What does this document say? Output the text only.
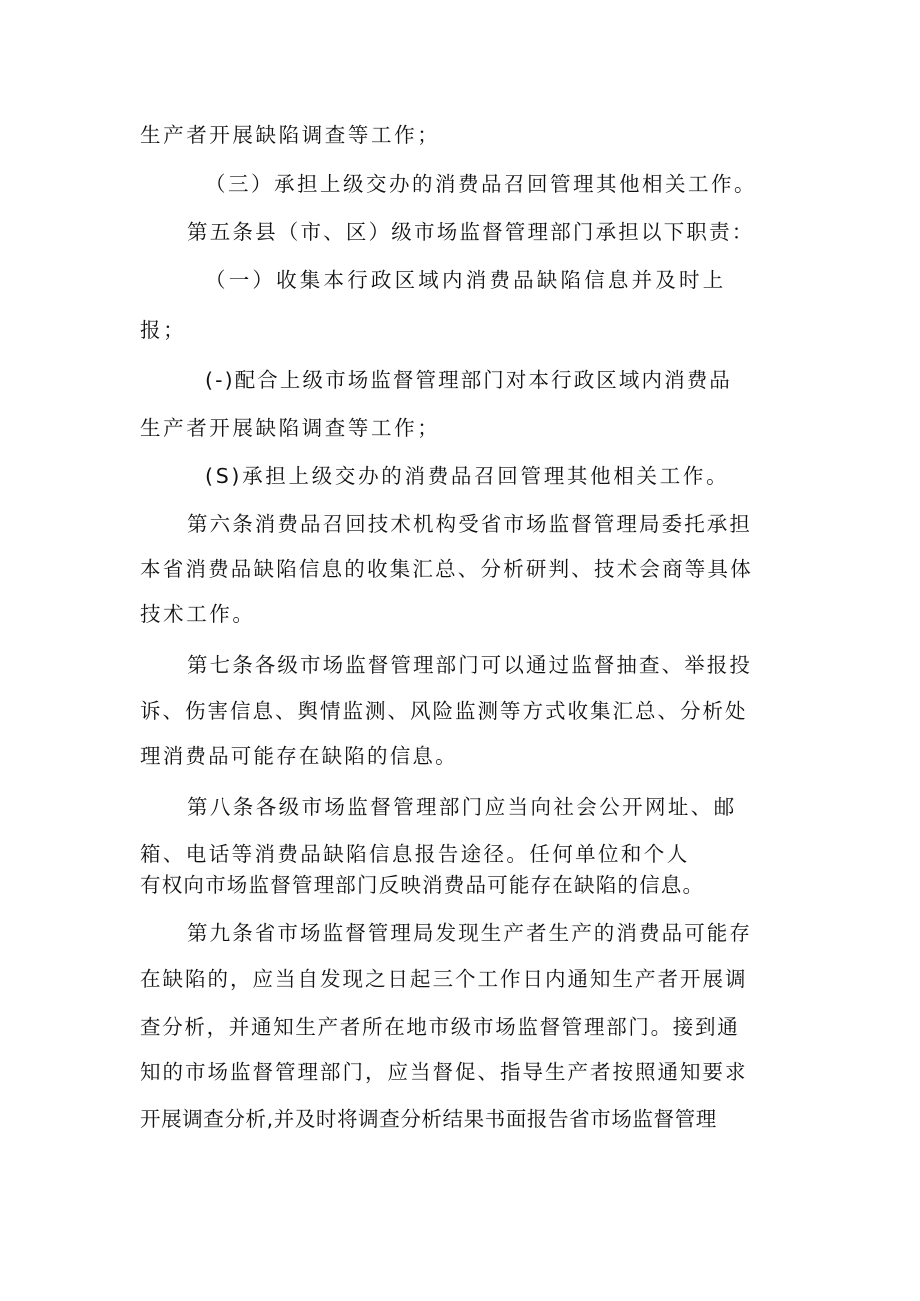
生产者开展缺陷调查等工作；
（三）承担上级交办的消费品召回管理其他相关工作。
第五条县（市、区）级市场监督管理部门承担以下职责：
（一）收集本行政区域内消费品缺陷信息并及时上
报；
(-)配合上级市场监督管理部门对本行政区域内消费品
生产者开展缺陷调查等工作；
(S)承担上级交办的消费品召回管理其他相关工作。
第六条消费品召回技术机构受省市场监督管理局委托承担
本省消费品缺陷信息的收集汇总、分析研判、技术会商等具体
技术工作。
第七条各级市场监督管理部门可以通过监督抽查、举报投
诉、伤害信息、舆情监测、风险监测等方式收集汇总、分析处
理消费品可能存在缺陷的信息。
第八条各级市场监督管理部门应当向社会公开网址、邮
箱、电话等消费品缺陷信息报告途径。任何单位和个人
有权向市场监督管理部门反映消费品可能存在缺陷的信息。
第九条省市场监督管理局发现生产者生产的消费品可能存
在缺陷的，应当自发现之日起三个工作日内通知生产者开展调
查分析，并通知生产者所在地市级市场监督管理部门。接到通
知的市场监督管理部门，应当督促、指导生产者按照通知要求
开展调查分析,并及时将调查分析结果书面报告省市场监督管理
